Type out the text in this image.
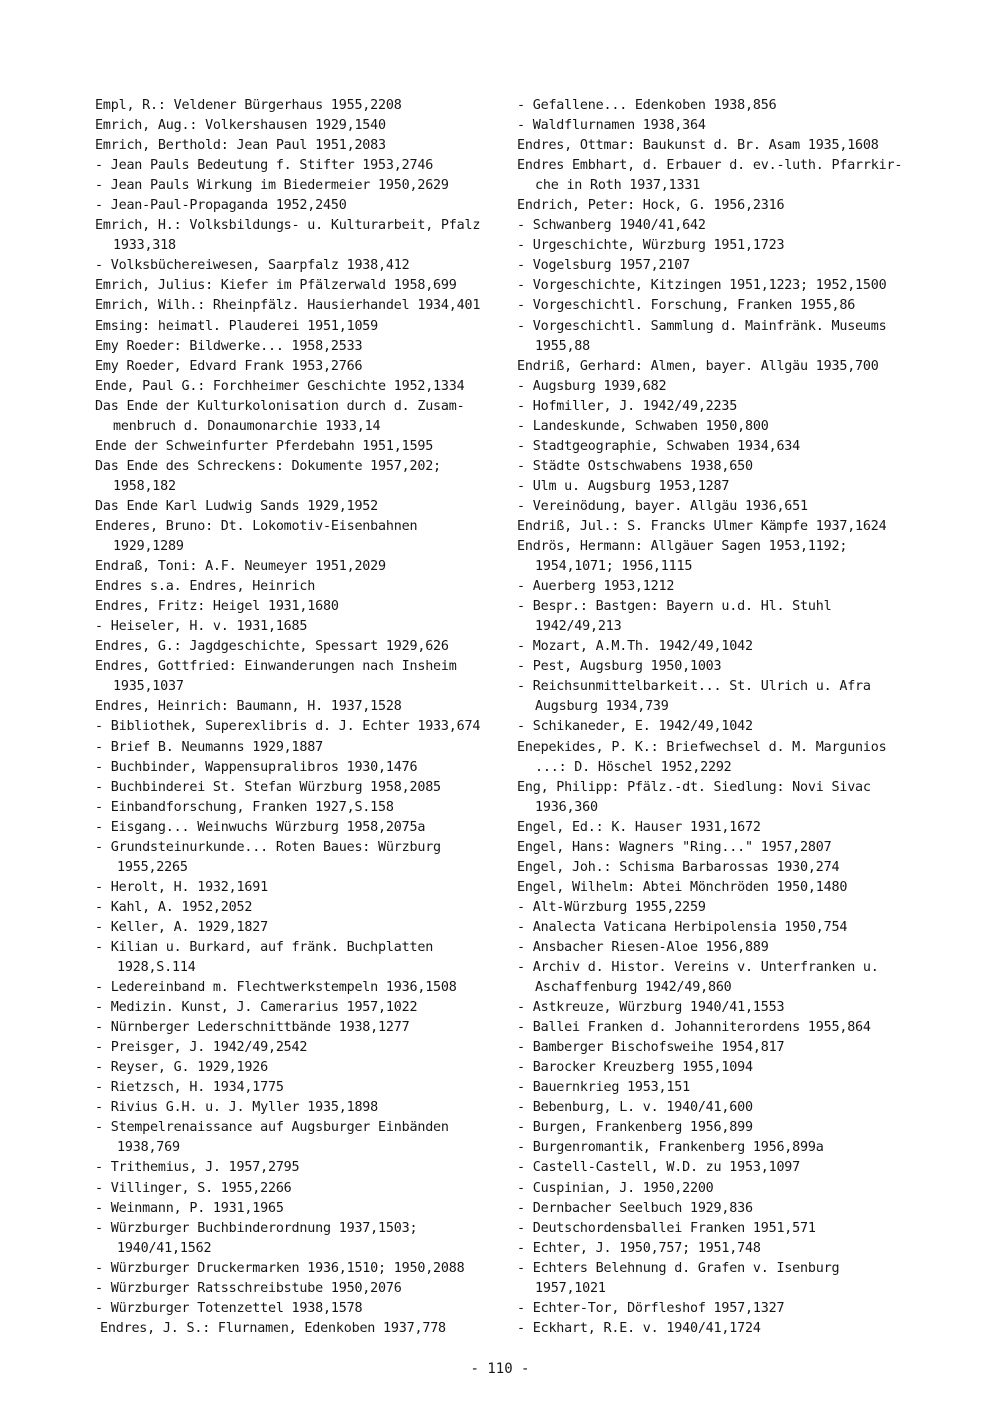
Empl, R.: Veldener Bürgerhaus 1955,2208
Emrich, Aug.: Volkershausen 1929,1540
Emrich, Berthold: Jean Paul 1951,2083
- Jean Pauls Bedeutung f. Stifter 1953,2746
- Jean Pauls Wirkung im Biedermeier 1950,2629
- Jean-Paul-Propaganda 1952,2450
Emrich, H.: Volksbildungs- u. Kulturarbeit, Pfalz
1933,318
- Volksbüchereiwesen, Saarpfalz 1938,412
Emrich, Julius: Kiefer im Pfälzerwald 1958,699
Emrich, Wilh.: Rheinpfälz. Hausierhandel 1934,401
Emsing: heimatl. Plauderei 1951,1059
Emy Roeder: Bildwerke... 1958,2533
Emy Roeder, Edvard Frank 1953,2766
Ende, Paul G.: Forchheimer Geschichte 1952,1334
Das Ende der Kulturkolonisation durch d. Zusam-
menbruch d. Donaumonarchie 1933,14
Ende der Schweinfurter Pferdebahn 1951,1595
Das Ende des Schreckens: Dokumente 1957,202;
1958,182
Das Ende Karl Ludwig Sands 1929,1952
Enderes, Bruno: Dt. Lokomotiv-Eisenbahnen
1929,1289
Endraß, Toni: A.F. Neumeyer 1951,2029
Endres s.a. Endres, Heinrich
Endres, Fritz: Heigel 1931,1680
- Heiseler, H. v. 1931,1685
Endres, G.: Jagdgeschichte, Spessart 1929,626
Endres, Gottfried: Einwanderungen nach Insheim
1935,1037
Endres, Heinrich: Baumann, H. 1937,1528
- Bibliothek, Superexlibris d. J. Echter 1933,674
- Brief B. Neumanns 1929,1887
- Buchbinder, Wappensupralibros 1930,1476
- Buchbinderei St. Stefan Würzburg 1958,2085
- Einbandforschung, Franken 1927,S.158
- Eisgang... Weinwuchs Würzburg 1958,2075a
- Grundsteinurkunde... Roten Baues: Würzburg
1955,2265
- Herolt, H. 1932,1691
- Kahl, A. 1952,2052
- Keller, A. 1929,1827
- Kilian u. Burkard, auf fränk. Buchplatten
1928,S.114
- Ledereinband m. Flechtwerkstempeln 1936,1508
- Medizin. Kunst, J. Camerarius 1957,1022
- Nürnberger Lederschnittbände 1938,1277
- Preisger, J. 1942/49,2542
- Reyser, G. 1929,1926
- Rietzsch, H. 1934,1775
- Rivius G.H. u. J. Myller 1935,1898
- Stempelrenaissance auf Augsburger Einbänden
1938,769
- Trithemius, J. 1957,2795
- Villinger, S. 1955,2266
- Weinmann, P. 1931,1965
- Würzburger Buchbinderordnung 1937,1503;
1940/41,1562
- Würzburger Druckermarken 1936,1510; 1950,2088
- Würzburger Ratsschreibstube 1950,2076
- Würzburger Totenzettel 1938,1578
Endres, J. S.: Flurnamen, Edenkoben 1937,778
- Gefallene... Edenkoben 1938,856
- Waldflurnamen 1938,364
Endres, Ottmar: Baukunst d. Br. Asam 1935,1608
Endres Embhart, d. Erbauer d. ev.-luth. Pfarrkir-
che in Roth 1937,1331
Endrich, Peter: Hock, G. 1956,2316
- Schwanberg 1940/41,642
- Urgeschichte, Würzburg 1951,1723
- Vogelsburg 1957,2107
- Vorgeschichte, Kitzingen 1951,1223; 1952,1500
- Vorgeschichtl. Forschung, Franken 1955,86
- Vorgeschichtl. Sammlung d. Mainfränk. Museums
1955,88
Endriß, Gerhard: Almen, bayer. Allgäu 1935,700
- Augsburg 1939,682
- Hofmiller, J. 1942/49,2235
- Landeskunde, Schwaben 1950,800
- Stadtgeographie, Schwaben 1934,634
- Städte Ostschwabens 1938,650
- Ulm u. Augsburg 1953,1287
- Vereinödung, bayer. Allgäu 1936,651
Endriß, Jul.: S. Francks Ulmer Kämpfe 1937,1624
Endrös, Hermann: Allgäuer Sagen 1953,1192;
1954,1071; 1956,1115
- Auerberg 1953,1212
- Bespr.: Bastgen: Bayern u.d. Hl. Stuhl
1942/49,213
- Mozart, A.M.Th. 1942/49,1042
- Pest, Augsburg 1950,1003
- Reichsunmittelbarkeit... St. Ulrich u. Afra
Augsburg 1934,739
- Schikaneder, E. 1942/49,1042
Enepekides, P. K.: Briefwechsel d. M. Margunios
...: D. Höschel 1952,2292
Eng, Philipp: Pfälz.-dt. Siedlung: Novi Sivac
1936,360
Engel, Ed.: K. Hauser 1931,1672
Engel, Hans: Wagners "Ring..." 1957,2807
Engel, Joh.: Schisma Barbarossas 1930,274
Engel, Wilhelm: Abtei Mönchröden 1950,1480
- Alt-Würzburg 1955,2259
- Analecta Vaticana Herbipolensia 1950,754
- Ansbacher Riesen-Aloe 1956,889
- Archiv d. Histor. Vereins v. Unterfranken u.
Aschaffenburg 1942/49,860
- Astkreuze, Würzburg 1940/41,1553
- Ballei Franken d. Johanniterordens 1955,864
- Bamberger Bischofsweihe 1954,817
- Barocker Kreuzberg 1955,1094
- Bauernkrieg 1953,151
- Bebenburg, L. v. 1940/41,600
- Burgen, Frankenberg 1956,899
- Burgenromantik, Frankenberg 1956,899a
- Castell-Castell, W.D. zu 1953,1097
- Cuspinian, J. 1950,2200
- Dernbacher Seelbuch 1929,836
- Deutschordensballei Franken 1951,571
- Echter, J. 1950,757; 1951,748
- Echters Belehnung d. Grafen v. Isenburg
1957,1021
- Echter-Tor, Dörfleshof 1957,1327
- Eckhart, R.E. v. 1940/41,1724
- 110 -
